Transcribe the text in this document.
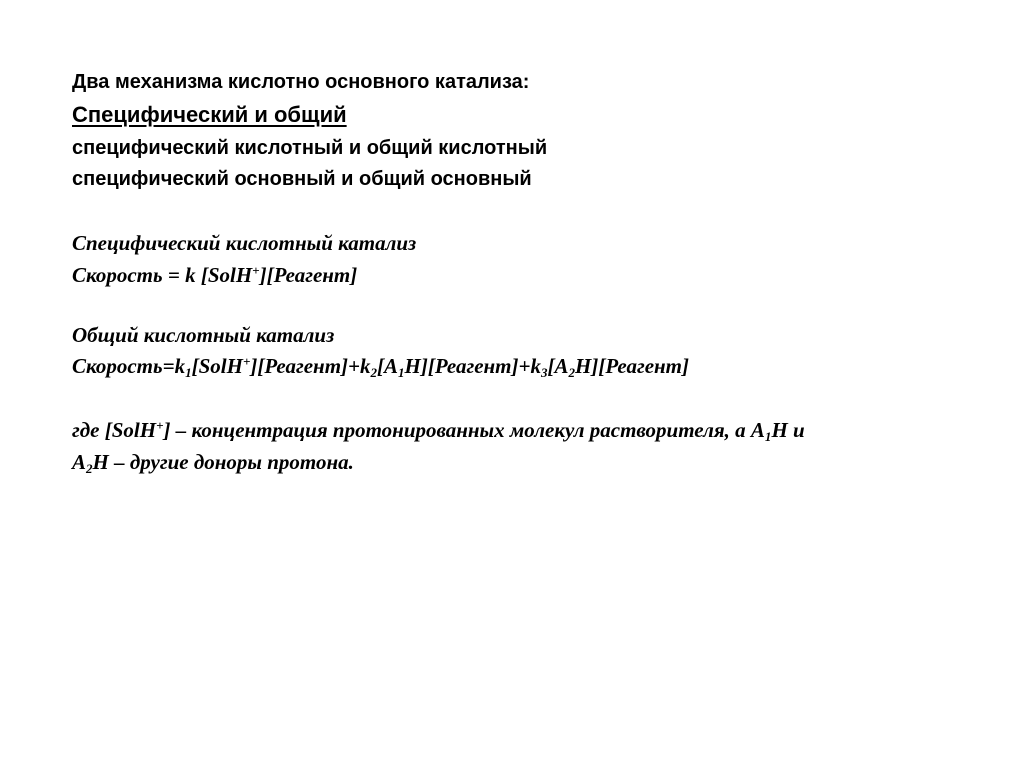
Два механизма кислотно основного катализа:
Специфический и общий
специфический кислотный и общий кислотный
специфический основный и общий основный
Специфический кислотный катализ
Скорость = k [SolH+][Реагент]
Общий кислотный катализ
$Скорость=k_1[SolH^+][Реагент]+k_2[A_1H][Реагент]+k_3[A_2H][Реагент]$
где [SolH+] – концентрация протонированных молекул растворителя, а $A_1H$ и
$A_2H$ – другие доноры протона.
